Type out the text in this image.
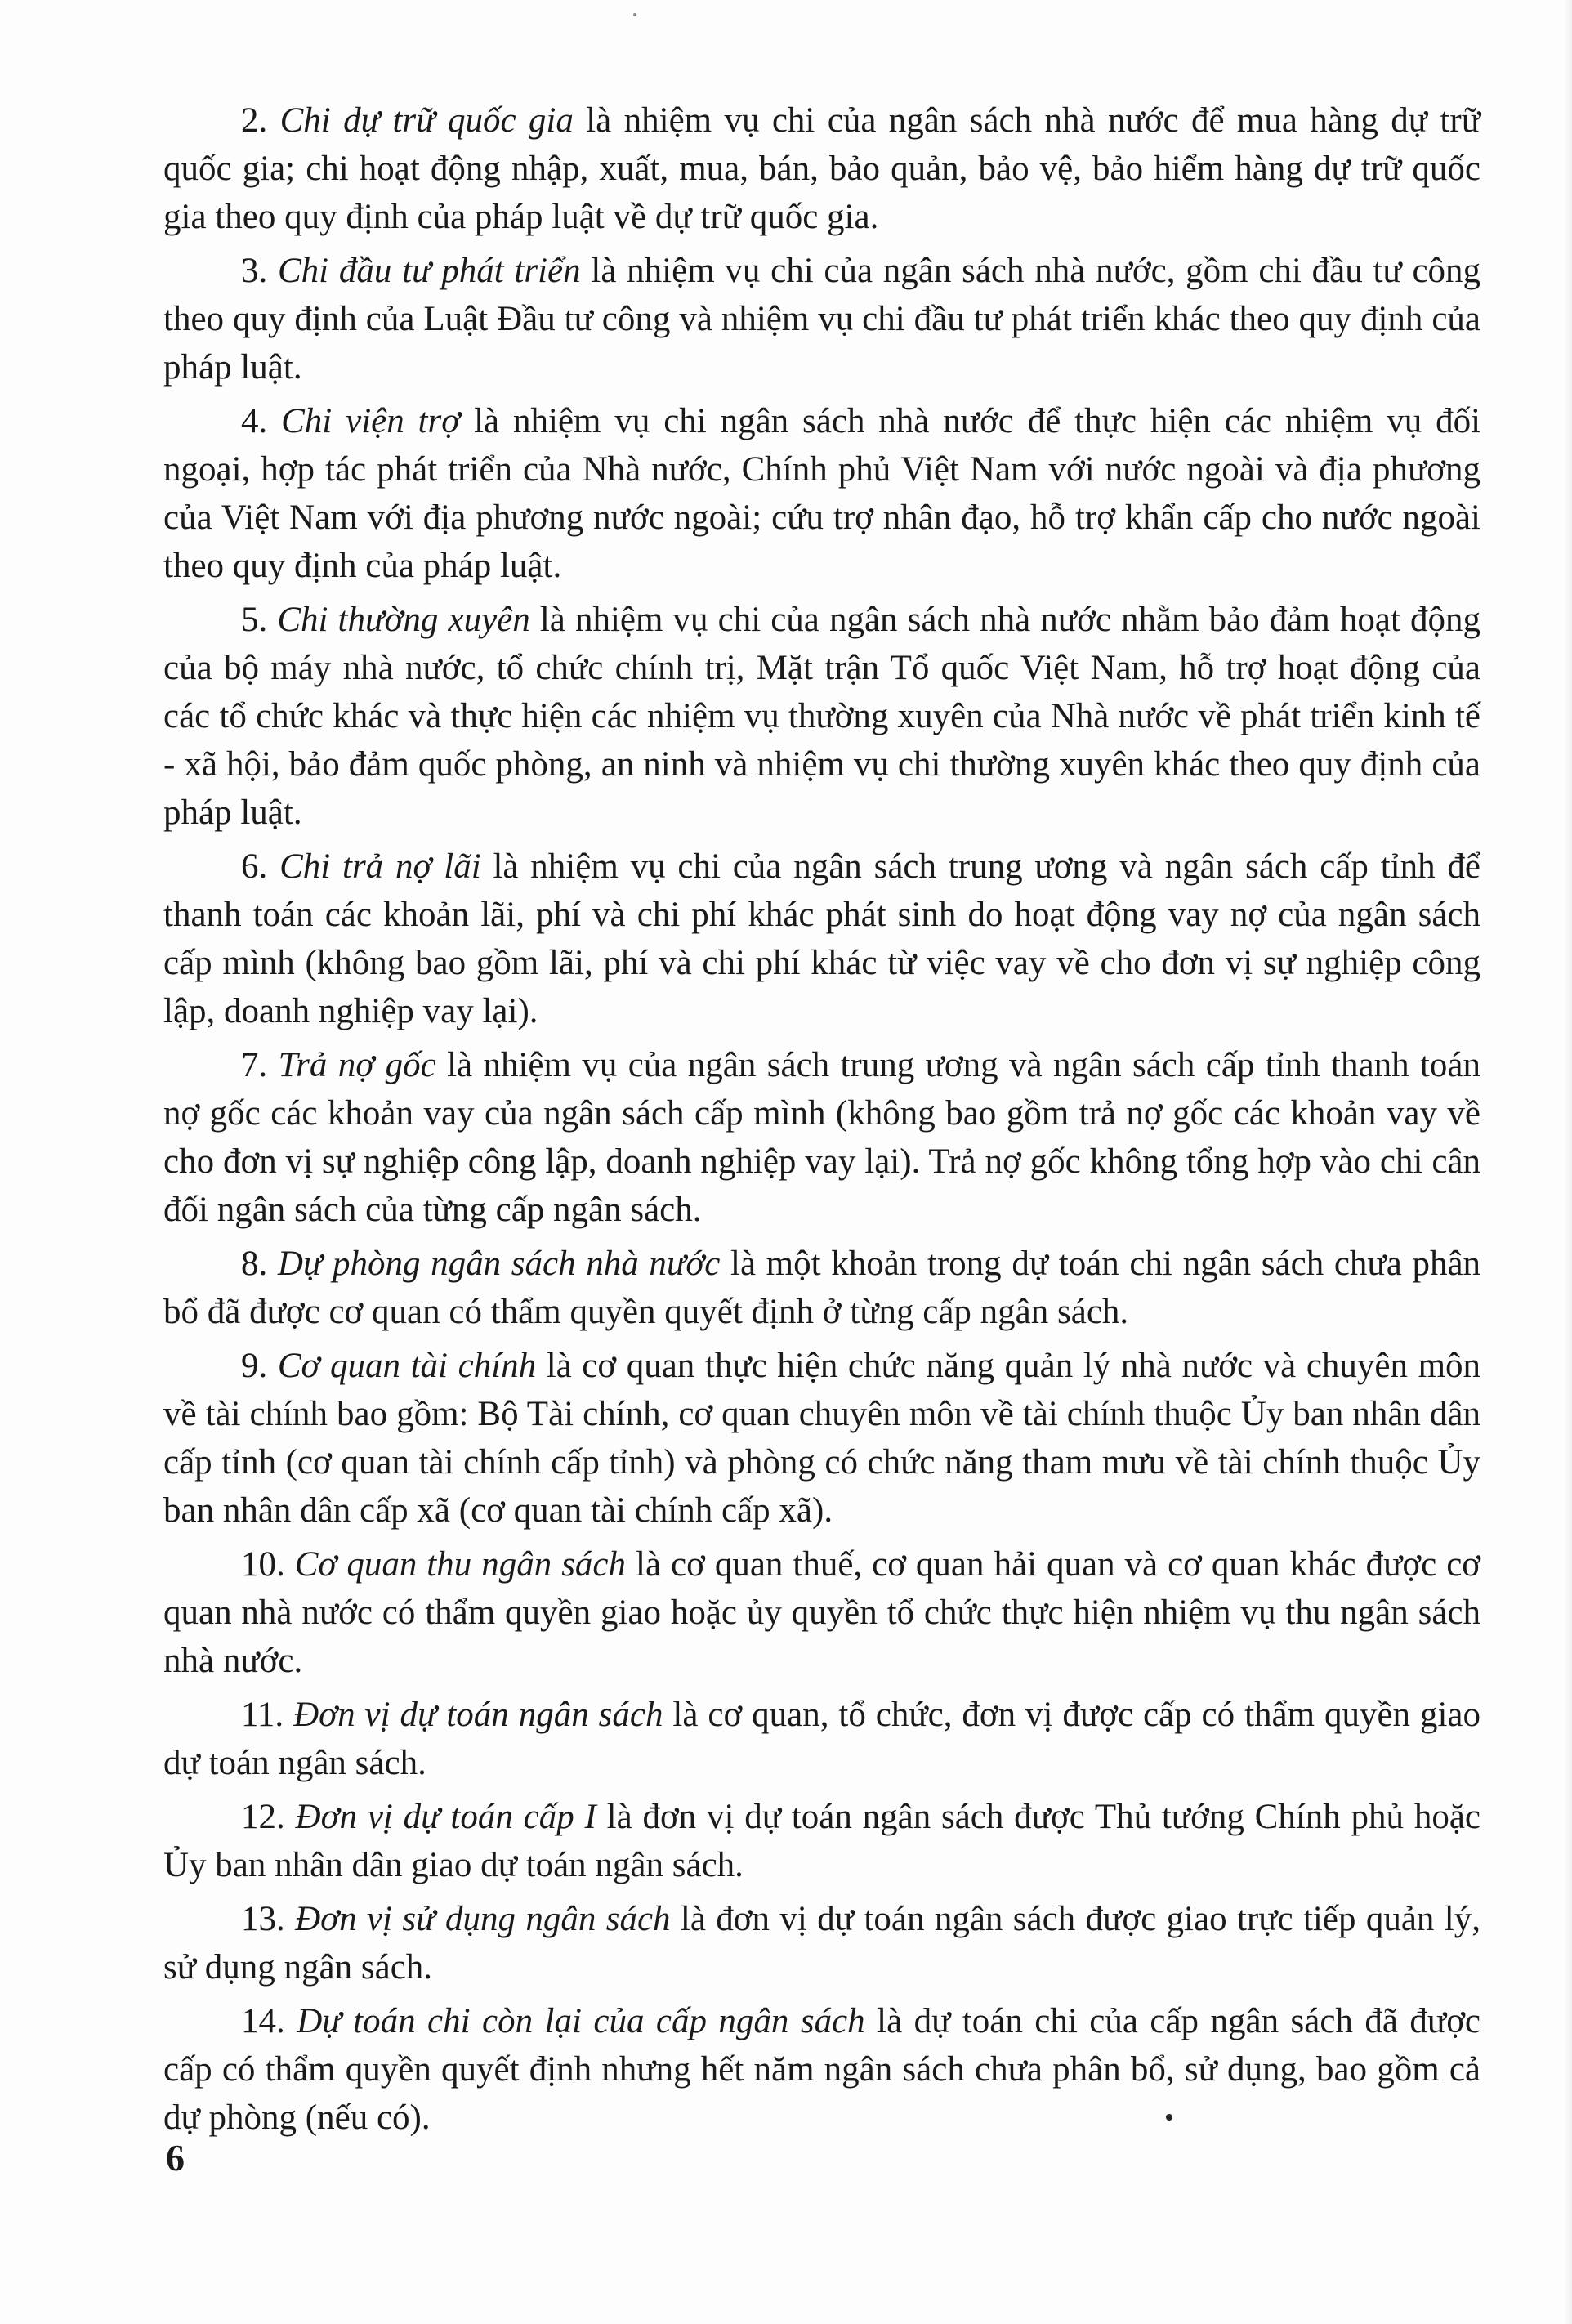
2. Chi dự trữ quốc gia là nhiệm vụ chi của ngân sách nhà nước để mua hàng dự trữ quốc gia; chi hoạt động nhập, xuất, mua, bán, bảo quản, bảo vệ, bảo hiểm hàng dự trữ quốc gia theo quy định của pháp luật về dự trữ quốc gia.

3. Chi đầu tư phát triển là nhiệm vụ chi của ngân sách nhà nước, gồm chi đầu tư công theo quy định của Luật Đầu tư công và nhiệm vụ chi đầu tư phát triển khác theo quy định của pháp luật.

4. Chi viện trợ là nhiệm vụ chi ngân sách nhà nước để thực hiện các nhiệm vụ đối ngoại, hợp tác phát triển của Nhà nước, Chính phủ Việt Nam với nước ngoài và địa phương của Việt Nam với địa phương nước ngoài; cứu trợ nhân đạo, hỗ trợ khẩn cấp cho nước ngoài theo quy định của pháp luật.

5. Chi thường xuyên là nhiệm vụ chi của ngân sách nhà nước nhằm bảo đảm hoạt động của bộ máy nhà nước, tổ chức chính trị, Mặt trận Tổ quốc Việt Nam, hỗ trợ hoạt động của các tổ chức khác và thực hiện các nhiệm vụ thường xuyên của Nhà nước về phát triển kinh tế - xã hội, bảo đảm quốc phòng, an ninh và nhiệm vụ chi thường xuyên khác theo quy định của pháp luật.

6. Chi trả nợ lãi là nhiệm vụ chi của ngân sách trung ương và ngân sách cấp tỉnh để thanh toán các khoản lãi, phí và chi phí khác phát sinh do hoạt động vay nợ của ngân sách cấp mình (không bao gồm lãi, phí và chi phí khác từ việc vay về cho đơn vị sự nghiệp công lập, doanh nghiệp vay lại).

7. Trả nợ gốc là nhiệm vụ của ngân sách trung ương và ngân sách cấp tỉnh thanh toán nợ gốc các khoản vay của ngân sách cấp mình (không bao gồm trả nợ gốc các khoản vay về cho đơn vị sự nghiệp công lập, doanh nghiệp vay lại). Trả nợ gốc không tổng hợp vào chi cân đối ngân sách của từng cấp ngân sách.

8. Dự phòng ngân sách nhà nước là một khoản trong dự toán chi ngân sách chưa phân bổ đã được cơ quan có thẩm quyền quyết định ở từng cấp ngân sách.

9. Cơ quan tài chính là cơ quan thực hiện chức năng quản lý nhà nước và chuyên môn về tài chính bao gồm: Bộ Tài chính, cơ quan chuyên môn về tài chính thuộc Ủy ban nhân dân cấp tỉnh (cơ quan tài chính cấp tỉnh) và phòng có chức năng tham mưu về tài chính thuộc Ủy ban nhân dân cấp xã (cơ quan tài chính cấp xã).

10. Cơ quan thu ngân sách là cơ quan thuế, cơ quan hải quan và cơ quan khác được cơ quan nhà nước có thẩm quyền giao hoặc ủy quyền tổ chức thực hiện nhiệm vụ thu ngân sách nhà nước.

11. Đơn vị dự toán ngân sách là cơ quan, tổ chức, đơn vị được cấp có thẩm quyền giao dự toán ngân sách.

12. Đơn vị dự toán cấp I là đơn vị dự toán ngân sách được Thủ tướng Chính phủ hoặc Ủy ban nhân dân giao dự toán ngân sách.

13. Đơn vị sử dụng ngân sách là đơn vị dự toán ngân sách được giao trực tiếp quản lý, sử dụng ngân sách.

14. Dự toán chi còn lại của cấp ngân sách là dự toán chi của cấp ngân sách đã được cấp có thẩm quyền quyết định nhưng hết năm ngân sách chưa phân bổ, sử dụng, bao gồm cả dự phòng (nếu có).

6
